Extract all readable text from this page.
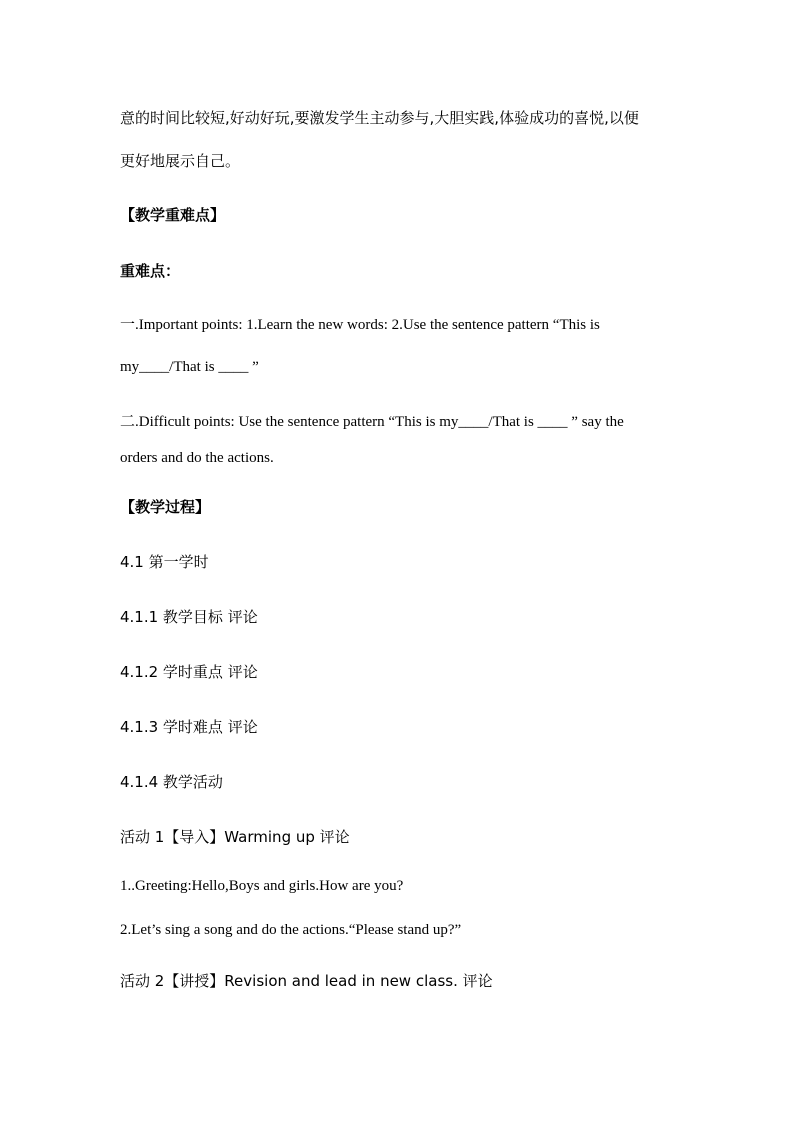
意的时间比较短,好动好玩,要激发学生主动参与,大胆实践,体验成功的喜悦,以便
更好地展示自己。
【教学重难点】
重难点：
一.Important points: 1.Learn the new words: 2.Use the sentence pattern “This is
my____/That is ____ ”
二.Difficult points: Use the sentence pattern “This is my____/That is ____ ” say the
orders and do the actions.
【教学过程】
4.1 第一学时
4.1.1 教学目标 评论
4.1.2 学时重点 评论
4.1.3 学时难点 评论
4.1.4 教学活动
活动 1【导入】Warming up 评论
1..Greeting:Hello,Boys and girls.How are you?
2.Let’s sing a song and do the actions.“Please stand up?”
活动 2【讲授】Revision and lead in new class. 评论
